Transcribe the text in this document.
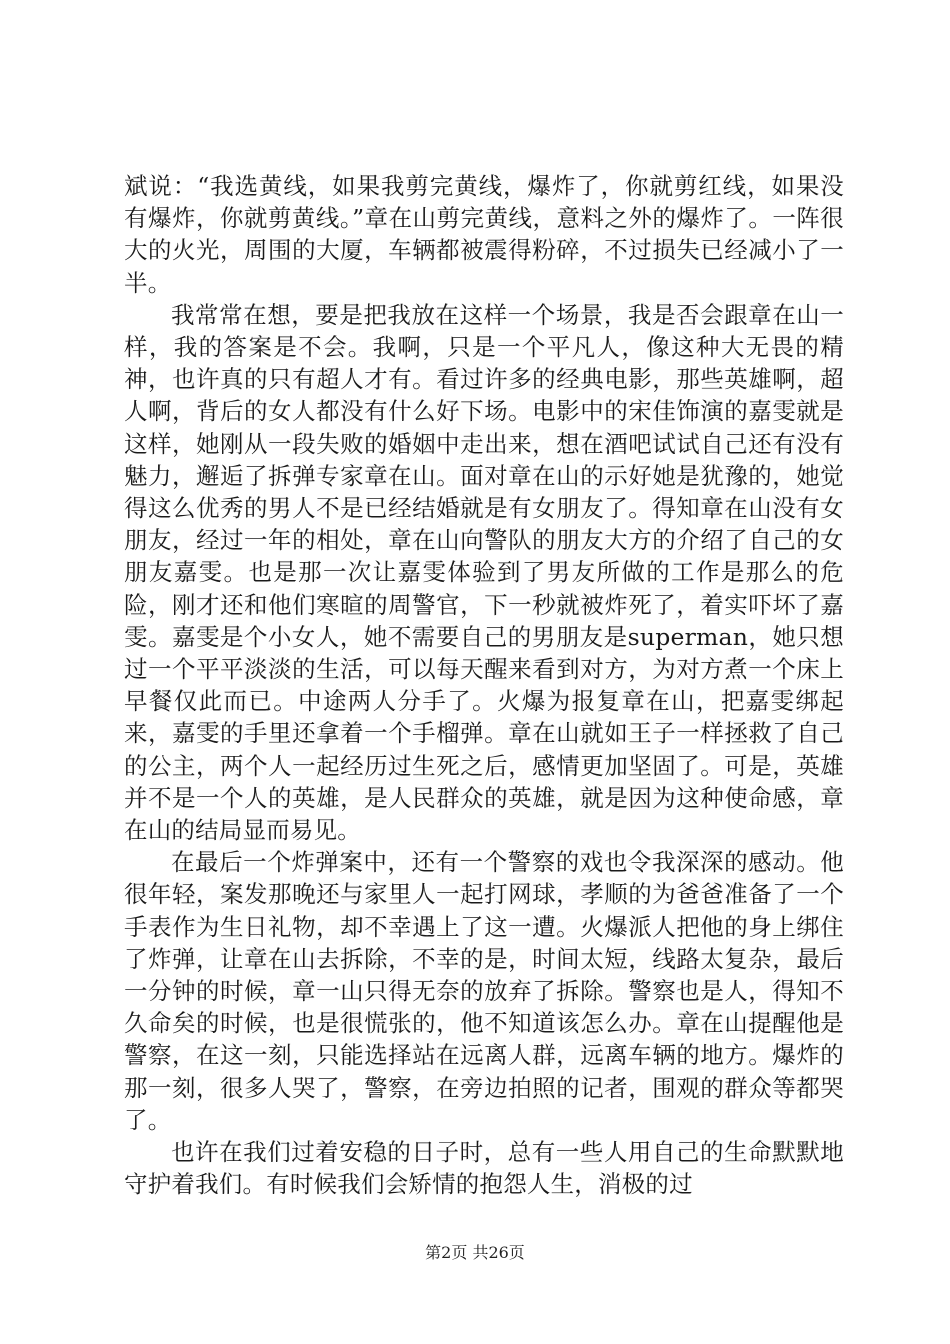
斌说：“我选黄线，如果我剪完黄线，爆炸了，你就剪红线，如果没有爆炸，你就剪黄线。”章在山剪完黄线，意料之外的爆炸了。一阵很大的火光，周围的大厦，车辆都被震得粉碎，不过损失已经减小了一半。

我常常在想，要是把我放在这样一个场景，我是否会跟章在山一样，我的答案是不会。我啊，只是一个平凡人，像这种大无畏的精神，也许真的只有超人才有。看过许多的经典电影，那些英雄啊，超人啊，背后的女人都没有什么好下场。电影中的宋佳饰演的嘉雯就是这样，她刚从一段失败的婚姻中走出来，想在酒吧试试自己还有没有魅力，邂逅了拆弹专家章在山。面对章在山的示好她是犹豫的，她觉得这么优秀的男人不是已经结婚就是有女朋友了。得知章在山没有女朋友，经过一年的相处，章在山向警队的朋友大方的介绍了自己的女朋友嘉雯。也是那一次让嘉雯体验到了男友所做的工作是那么的危险，刚才还和他们寒暄的周警官，下一秒就被炸死了，着实吓坏了嘉雯。嘉雯是个小女人，她不需要自己的男朋友是superman，她只想过一个平平淡淡的生活，可以每天醒来看到对方，为对方煮一个床上早餐仅此而已。中途两人分手了。火爆为报复章在山，把嘉雯绑起来，嘉雯的手里还拿着一个手榴弹。章在山就如王子一样拯救了自己的公主，两个人一起经历过生死之后，感情更加坚固了。可是，英雄并不是一个人的英雄，是人民群众的英雄，就是因为这种使命感，章在山的结局显而易见。

在最后一个炸弹案中，还有一个警察的戏也令我深深的感动。他很年轻，案发那晚还与家里人一起打网球，孝顺的为爸爸准备了一个手表作为生日礼物，却不幸遇上了这一遭。火爆派人把他的身上绑住了炸弹，让章在山去拆除，不幸的是，时间太短，线路太复杂，最后一分钟的时候，章一山只得无奈的放弃了拆除。警察也是人，得知不久命矣的时候，也是很慌张的，他不知道该怎么办。章在山提醒他是警察，在这一刻，只能选择站在远离人群，远离车辆的地方。爆炸的那一刻，很多人哭了，警察，在旁边拍照的记者，围观的群众等都哭了。

也许在我们过着安稳的日子时，总有一些人用自己的生命默默地守护着我们。有时候我们会矫情的抱怨人生，消极的过

第2页 共26页
